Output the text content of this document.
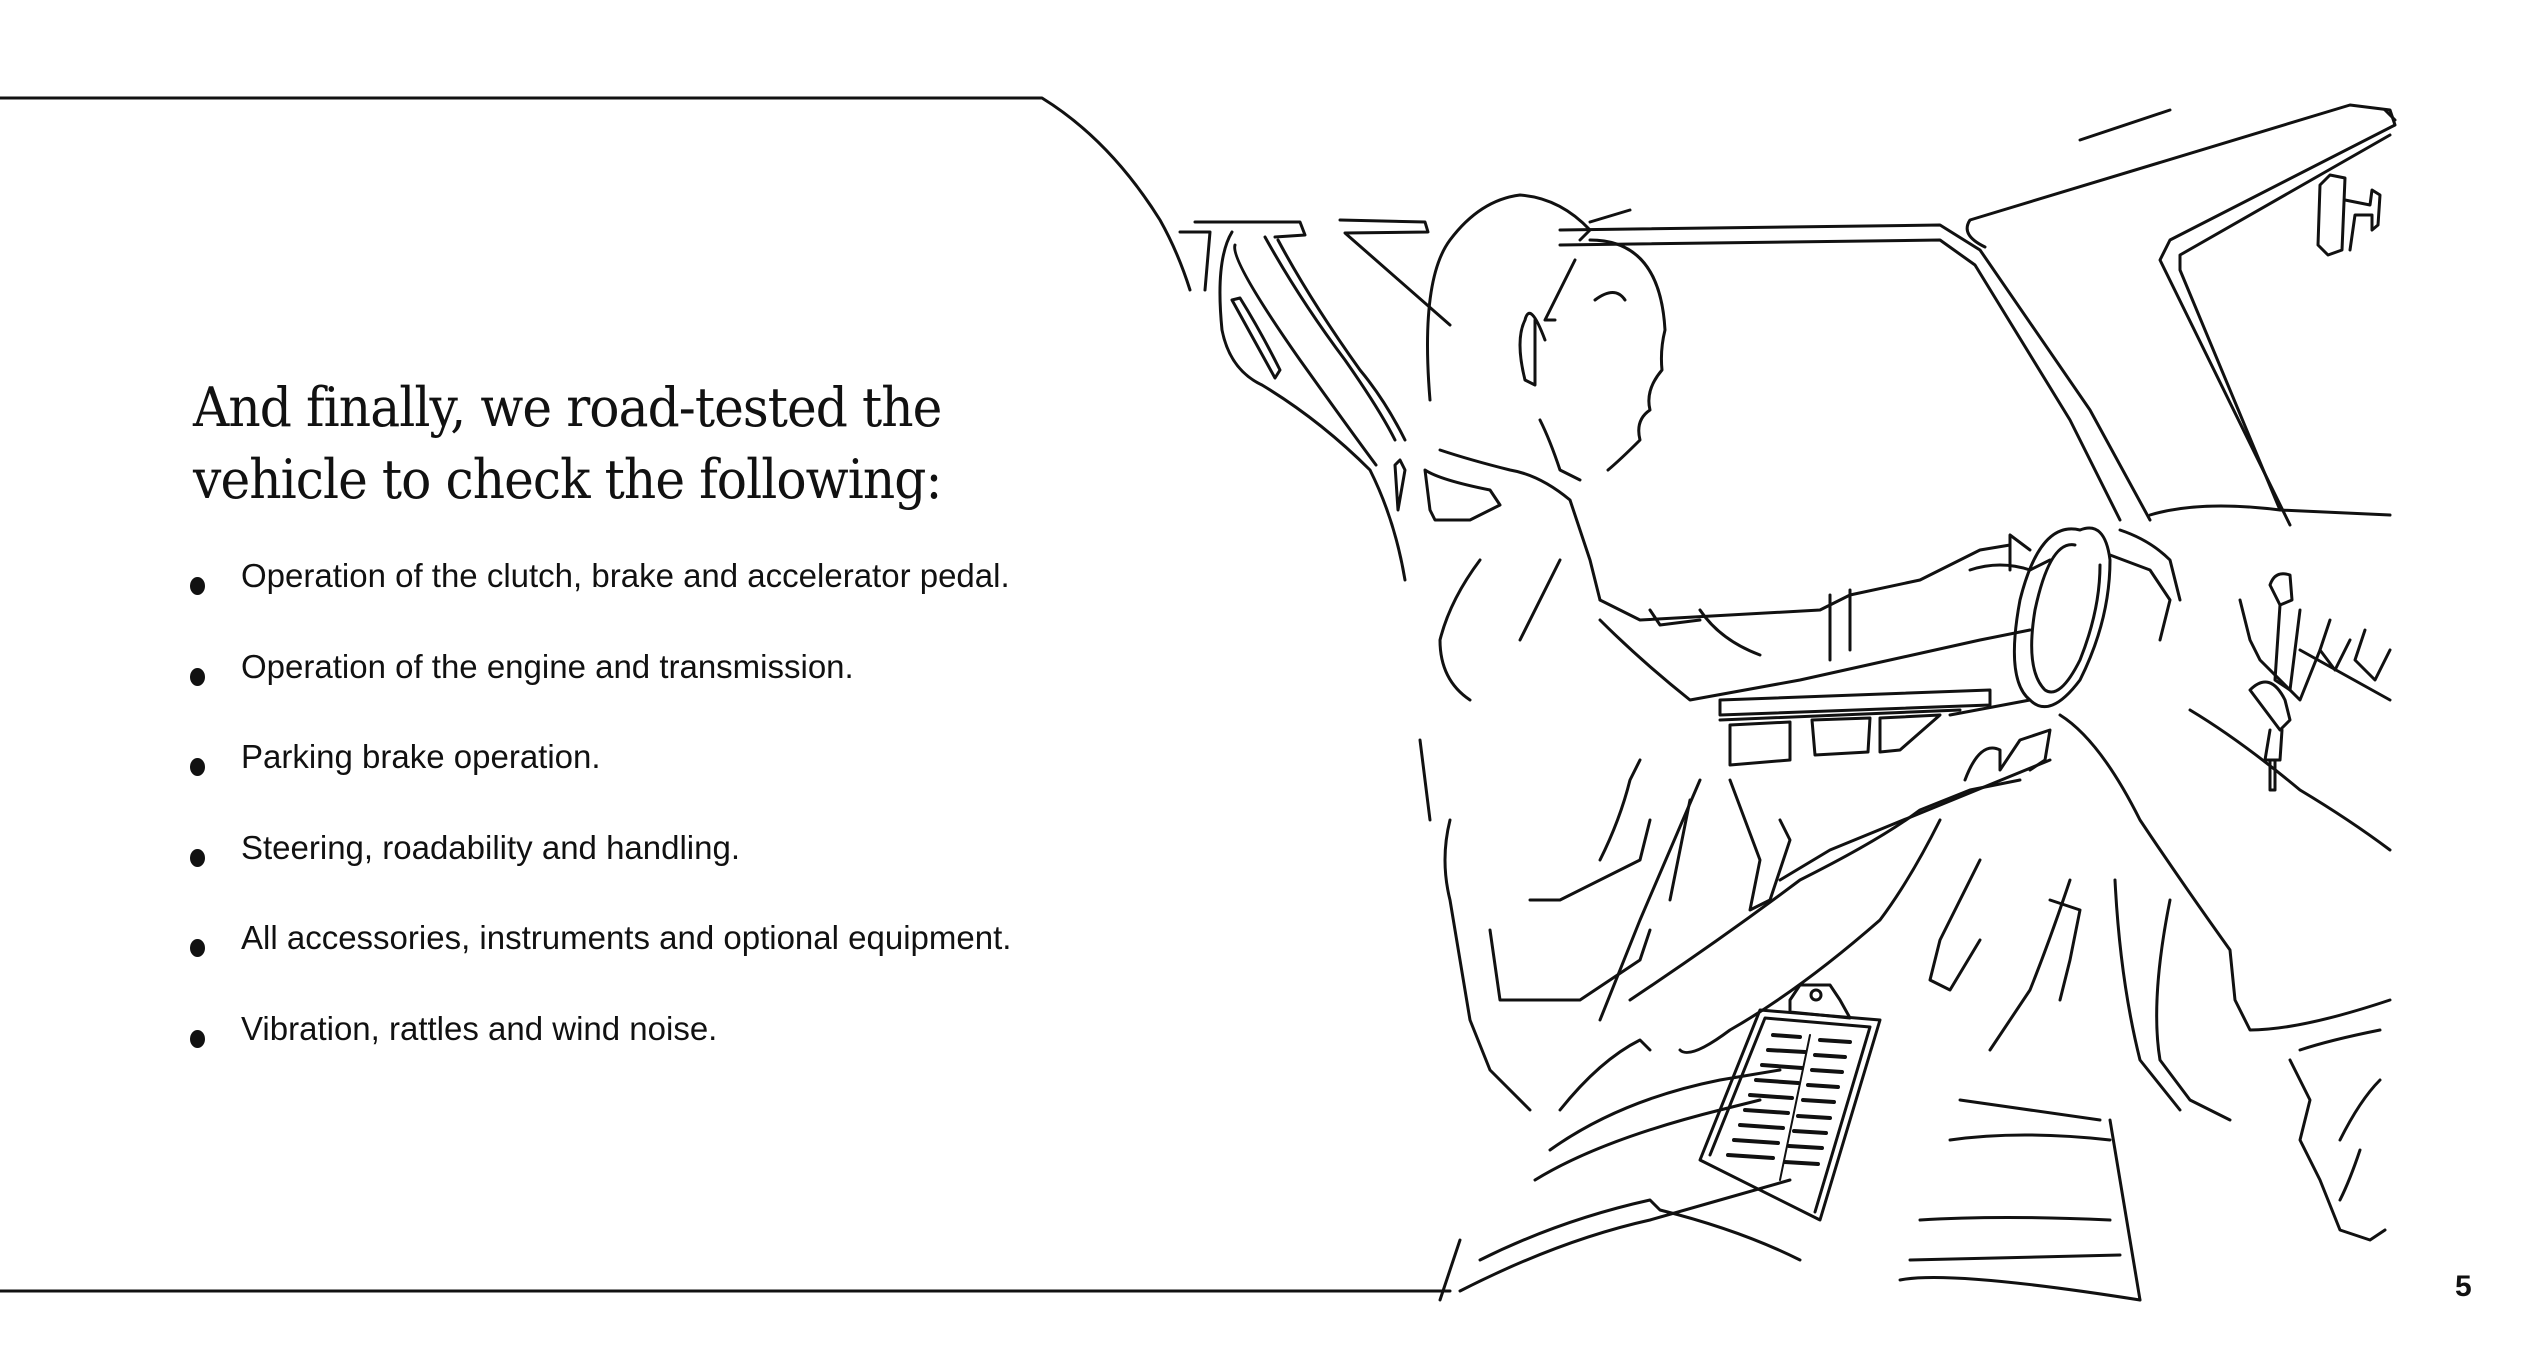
And finally, we road-tested the
vehicle to check the following:
Operation of the clutch, brake and accelerator pedal.
Operation of the engine and transmission.
Parking brake operation.
Steering, roadability and handling.
All accessories, instruments and optional equipment.
Vibration, rattles and wind noise.
5
